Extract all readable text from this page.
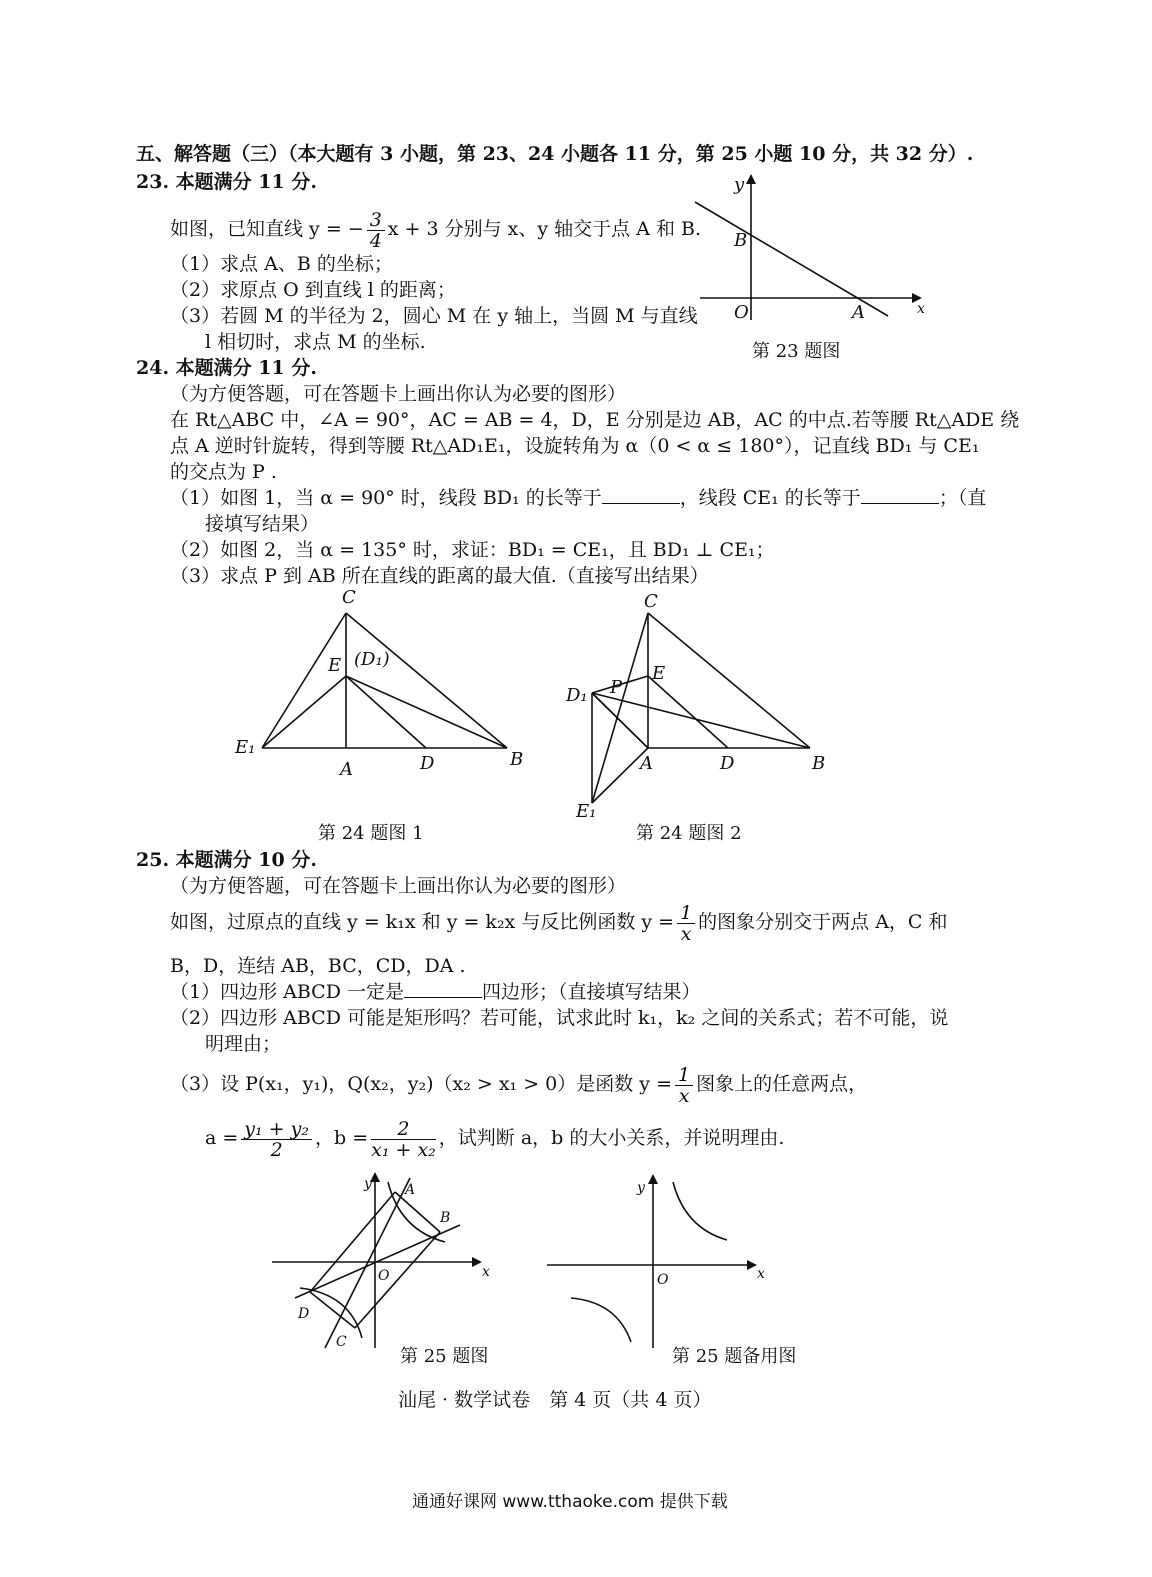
五、解答题（三）（本大题有 3 小题，第 23、24 小题各 11 分，第 25 小题 10 分，共 32 分）.
23. 本题满分 11 分.
如图，已知直线 y = − $\frac{3}{4}$ x + 3 分别与 x、y 轴交于点 A 和 B.
（1）求点 A、B 的坐标；
（2）求原点 O 到直线 l 的距离；
（3）若圆 M 的半径为 2，圆心 M 在 y 轴上，当圆 M 与直线
l 相切时，求点 M 的坐标.
y
x
B
O	A
第 23 题图
24. 本题满分 11 分.
（为方便答题，可在答题卡上画出你认为必要的图形）
在 Rt△ABC 中，∠A = 90°，AC = AB = 4，D，E 分别是边 AB，AC 的中点.若等腰 Rt△ADE 绕
点 A 逆时针旋转，得到等腰 Rt△AD₁E₁，设旋转角为 α（0 < α ≤ 180°），记直线 BD₁ 与 CE₁
的交点为 P .
（1）如图 1，当 α = 90° 时，线段 BD₁ 的长等于	，线段 CE₁ 的长等于	；（直
接填写结果）
（2）如图 2，当 α = 135° 时，求证：BD₁ = CE₁，且 BD₁ ⊥ CE₁；
（3）求点 P 到 AB 所在直线的距离的最大值.（直接写出结果）
C
E (D₁)
E₁
A	D	B
第 24 题图 1
C
E
P
D₁
A	D	B
E₁
第 24 题图 2
25. 本题满分 10 分.
（为方便答题，可在答题卡上画出你认为必要的图形）
如图，过原点的直线 y = k₁x 和 y = k₂x 与反比例函数 $y = \frac{1}{x}$ 的图象分别交于两点 A，C 和
B，D，连结 AB，BC，CD，DA .
（1）四边形 ABCD 一定是	四边形；（直接填写结果）
（2）四边形 ABCD 可能是矩形吗？若可能，试求此时 k₁，k₂ 之间的关系式；若不可能，说
明理由；
（3）设 P(x₁，y₁)，Q(x₂，y₂)（x₂ > x₁ > 0）是函数 $y = \frac{1}{x}$ 图象上的任意两点，
$a = \frac{\text{y₁ + y₂}}{2}$ ，$b = \frac{2}{\text{x₁ + x₂}}$ ，试判断 a，b 的大小关系，并说明理由.
y
x
A
B
O
C
D
第 25 题图
y
x
O
第 25 题备用图
汕尾 · 数学试卷　第 4 页（共 4 页）
通通好课网 www.tthaoke.com 提供下载
